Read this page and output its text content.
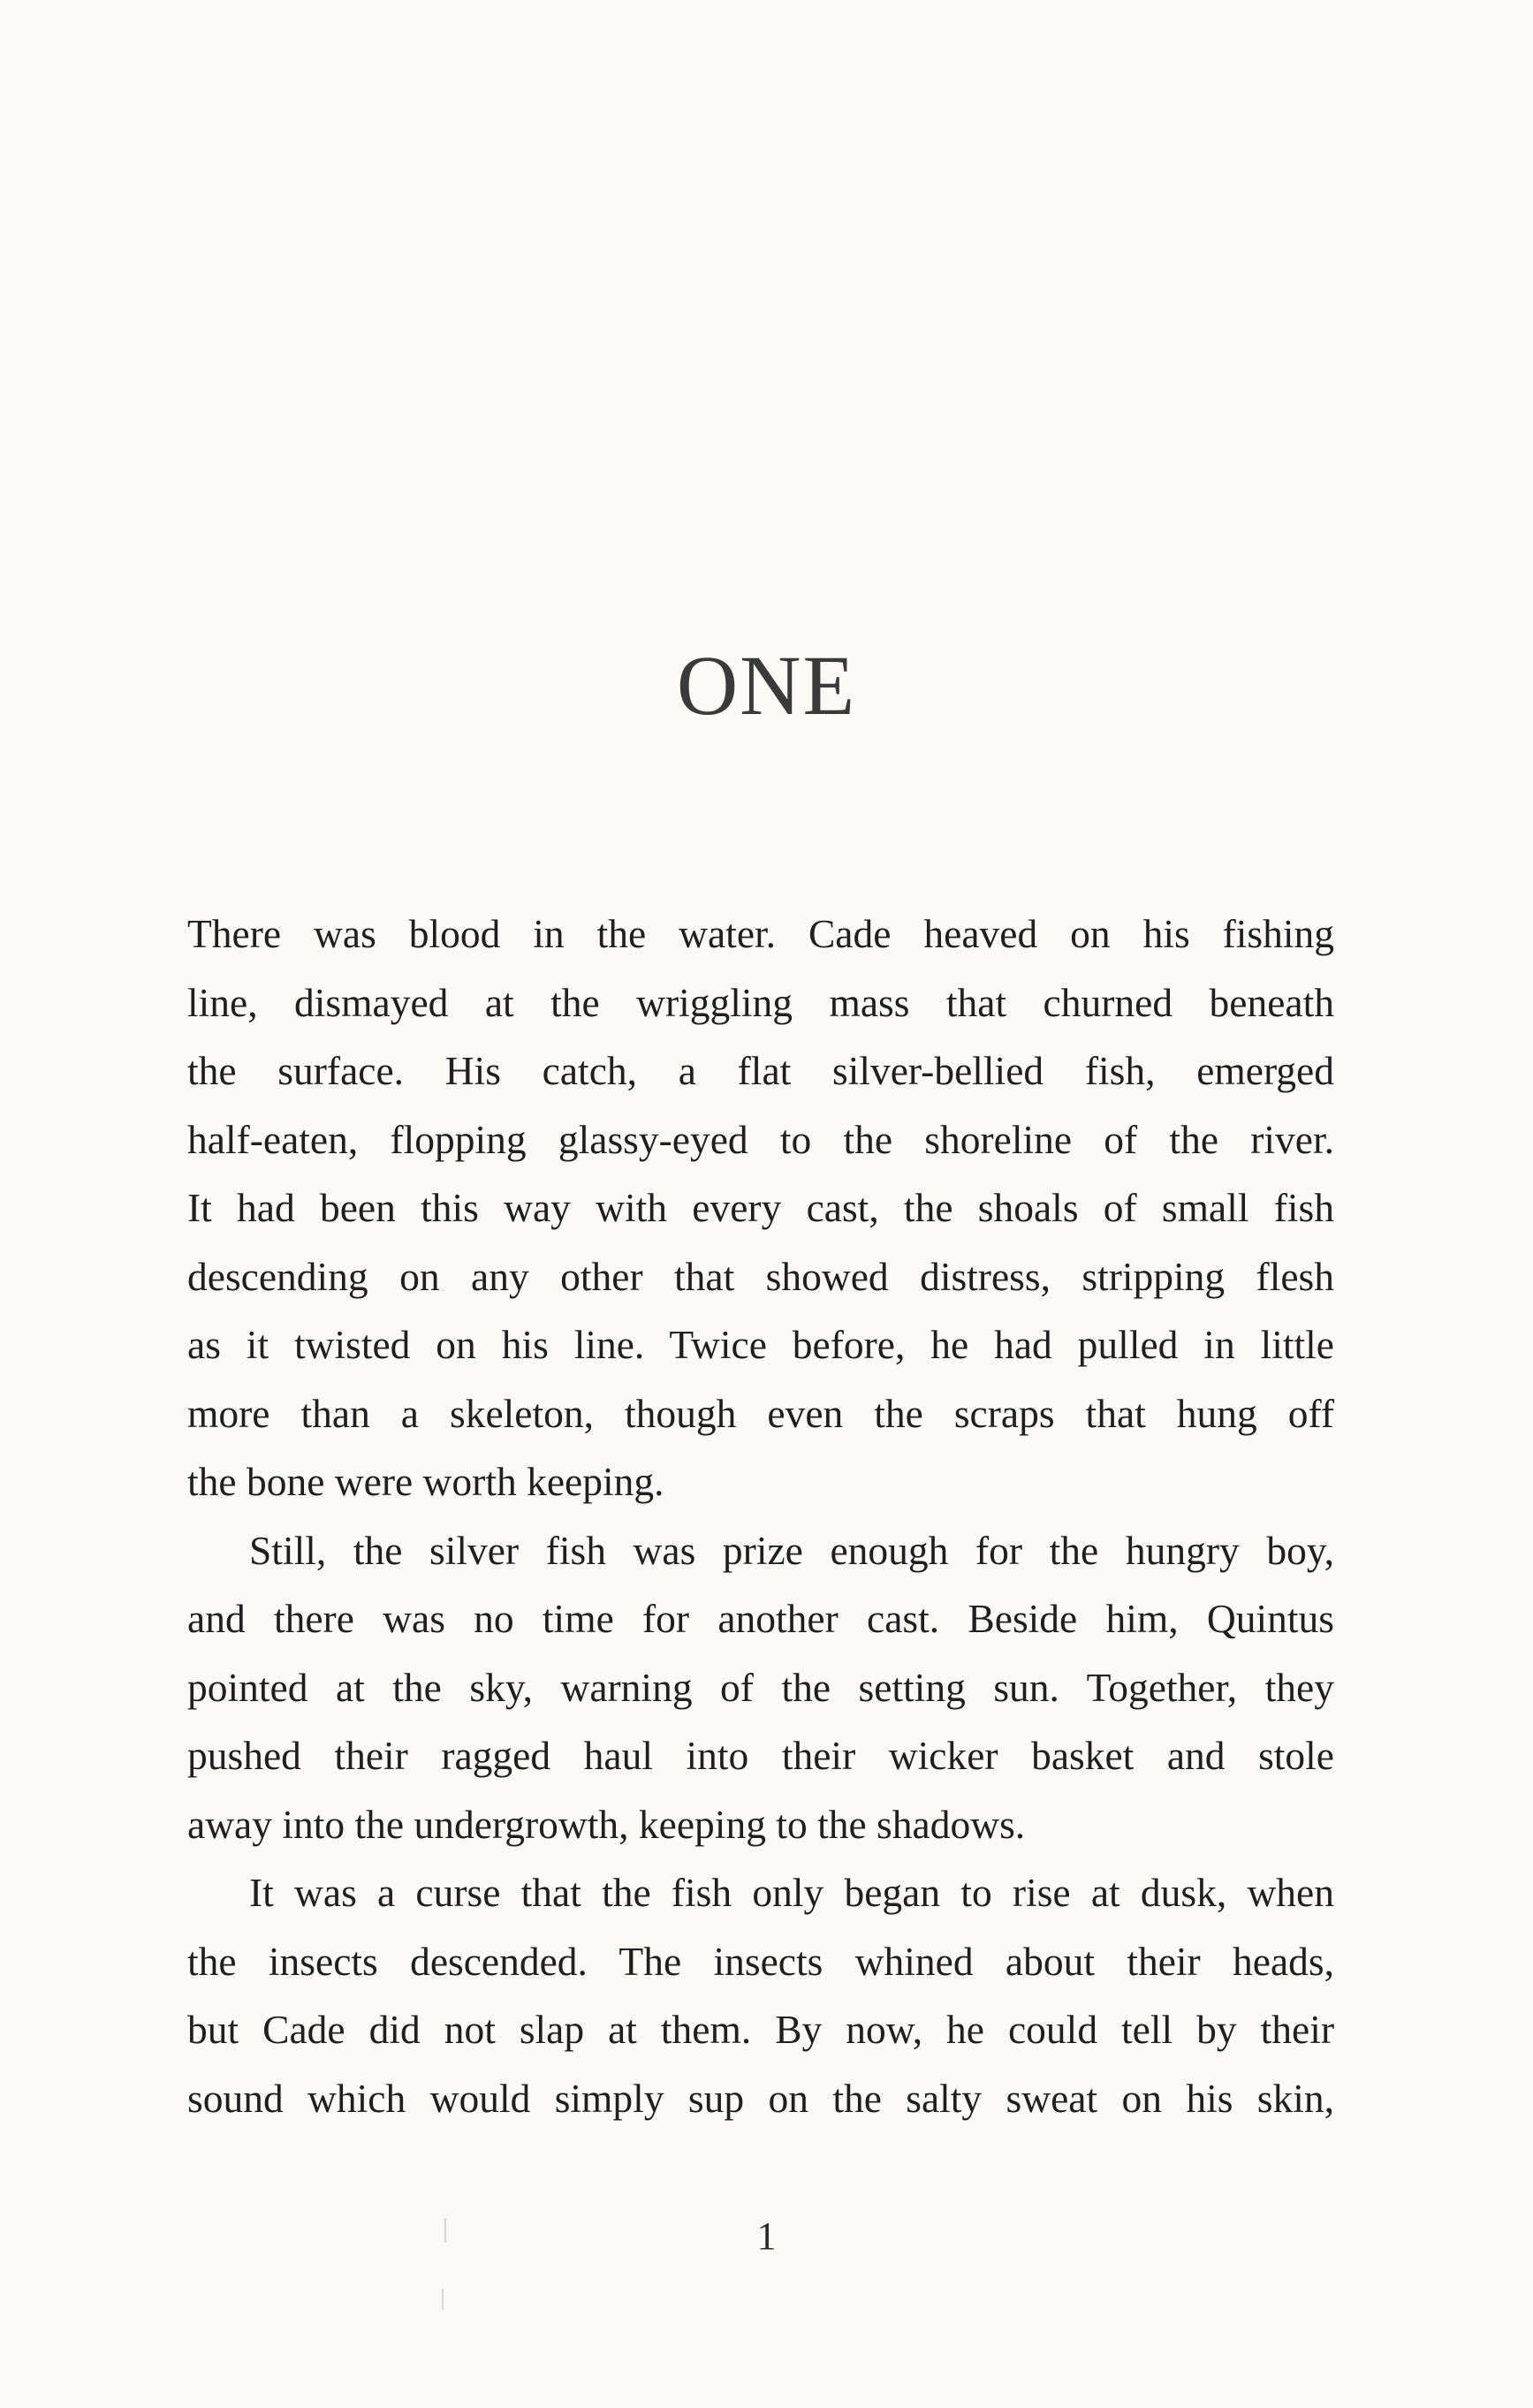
ONE
There was blood in the water. Cade heaved on his fishing
line, dismayed at the wriggling mass that churned beneath
the surface. His catch, a flat silver-bellied fish, emerged
half-eaten, flopping glassy-eyed to the shoreline of the river.
It had been this way with every cast, the shoals of small fish
descending on any other that showed distress, stripping flesh
as it twisted on his line. Twice before, he had pulled in little
more than a skeleton, though even the scraps that hung off
the bone were worth keeping.
Still, the silver fish was prize enough for the hungry boy,
and there was no time for another cast. Beside him, Quintus
pointed at the sky, warning of the setting sun. Together, they
pushed their ragged haul into their wicker basket and stole
away into the undergrowth, keeping to the shadows.
It was a curse that the fish only began to rise at dusk, when
the insects descended. The insects whined about their heads,
but Cade did not slap at them. By now, he could tell by their
sound which would simply sup on the salty sweat on his skin,
1
